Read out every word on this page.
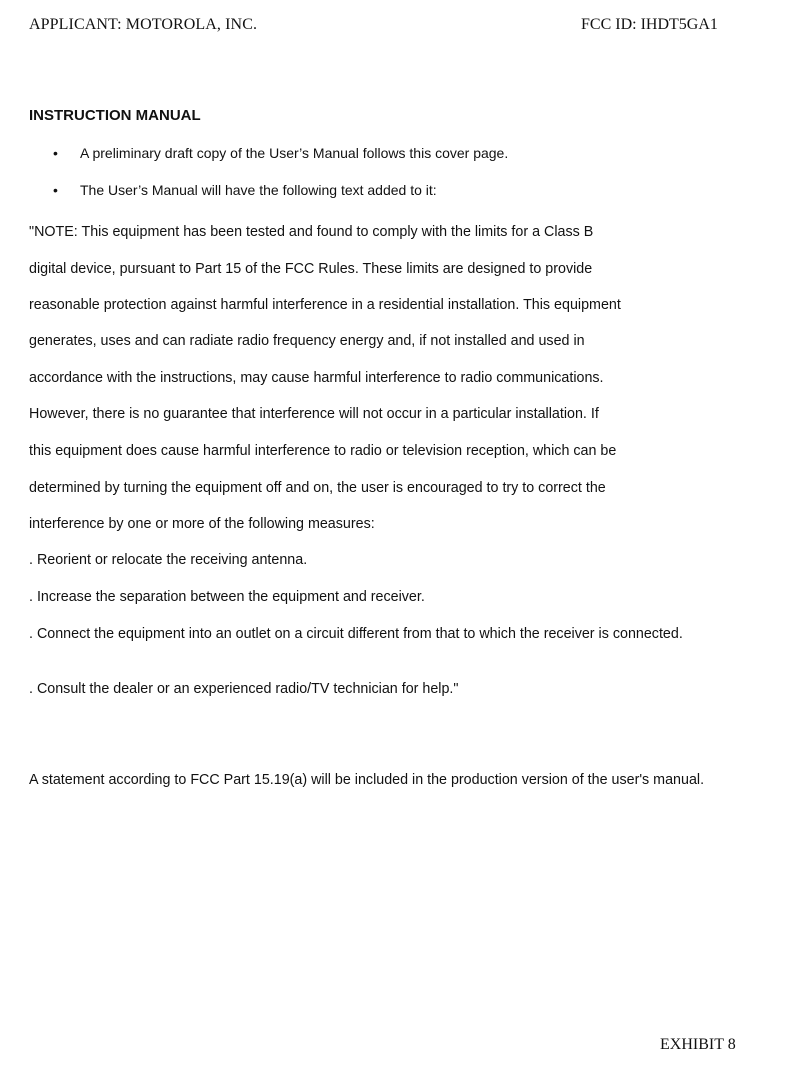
APPLICANT: MOTOROLA, INC.	FCC ID: IHDT5GA1
INSTRUCTION MANUAL
•	A preliminary draft copy of the User’s Manual follows this cover page.
•	The User’s Manual will have the following text added to it:
"NOTE: This equipment has been tested and found to comply with the limits for a Class B
digital device, pursuant to Part 15 of the FCC Rules. These limits are designed to provide
reasonable protection against harmful interference in a residential installation. This equipment
generates, uses and can radiate radio frequency energy and, if not installed and used in
accordance with the instructions, may cause harmful interference to radio communications.
However, there is no guarantee that interference will not occur in a particular installation. If
this equipment does cause harmful interference to radio or television reception, which can be
determined by turning the equipment off and on, the user is encouraged to try to correct the
interference by one or more of the following measures:
. Reorient or relocate the receiving antenna.
. Increase the separation between the equipment and receiver.
. Connect the equipment into an outlet on a circuit different from that to which the receiver is connected.
. Consult the dealer or an experienced radio/TV technician for help."
A statement according to FCC Part 15.19(a) will be included in the production version of the user's manual.
EXHIBIT 8
